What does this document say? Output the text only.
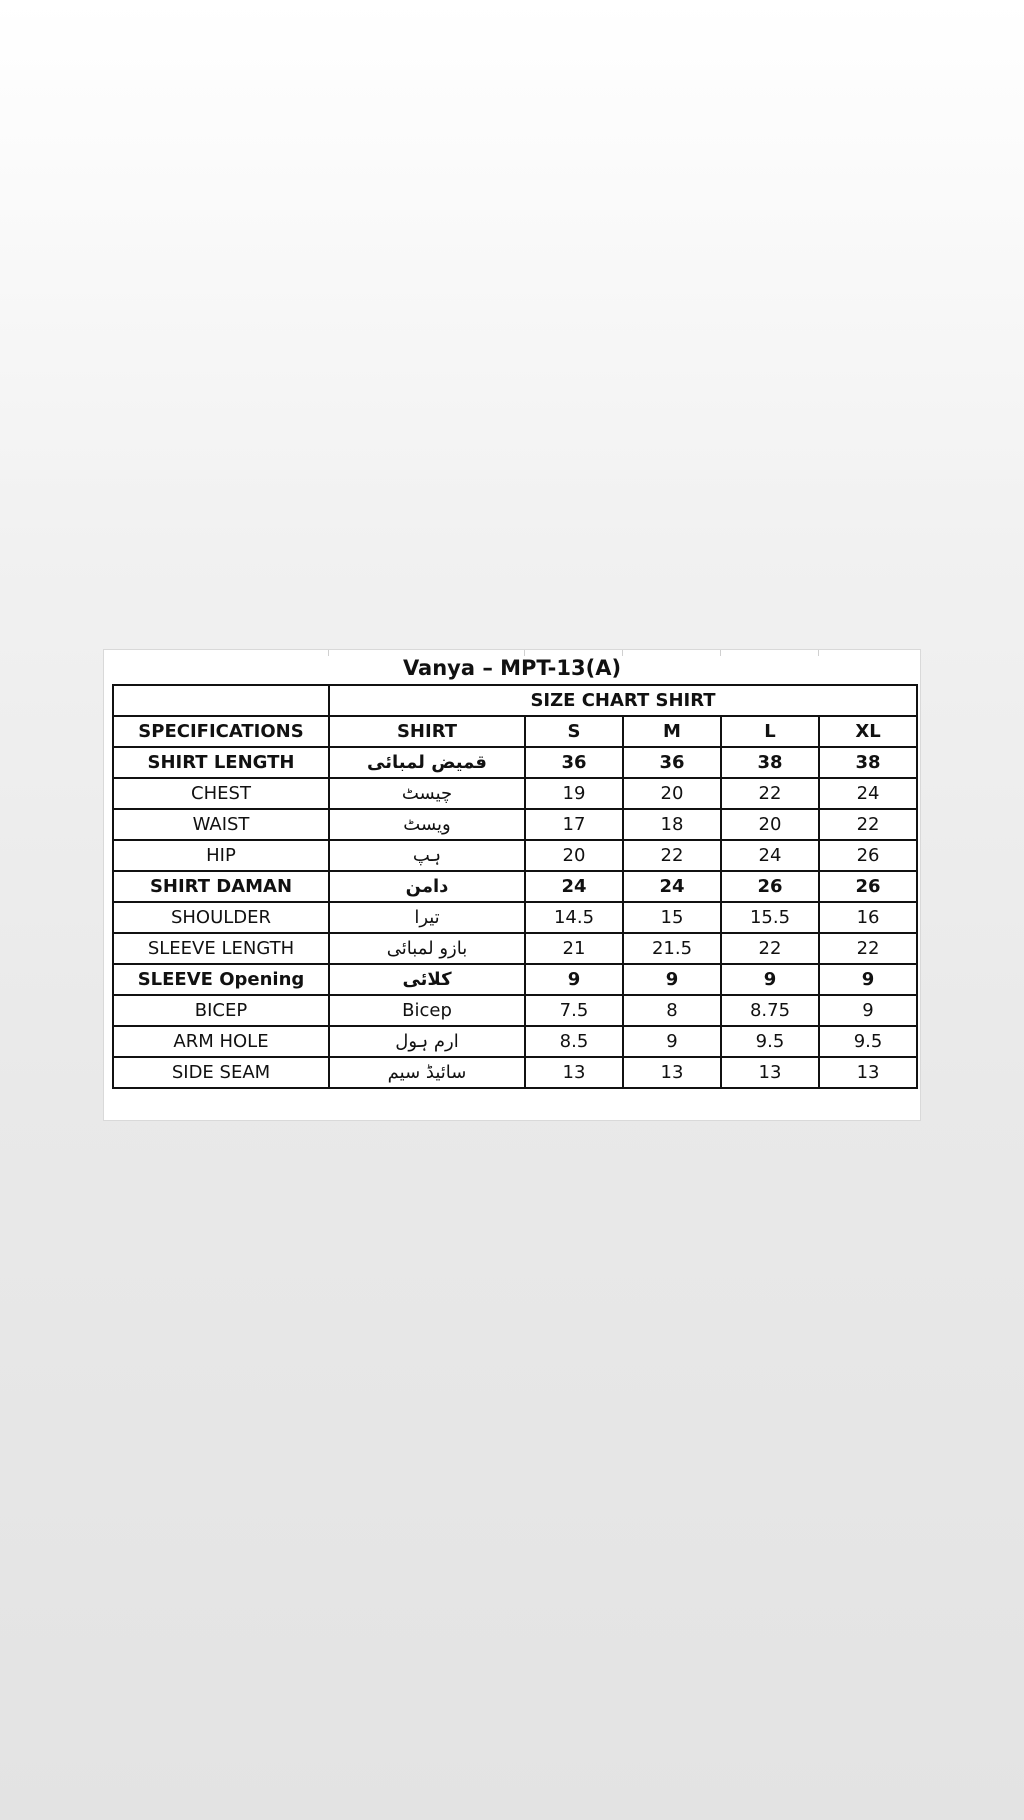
Vanya – MPT-13(A)
	SIZE CHART SHIRT				
SPECIFICATIONS	SHIRT	S	M	L	XL
SHIRT LENGTH	قمیض لمبائی	36	36	38	38
CHEST	چیسٹ	19	20	22	24
WAIST	ویسٹ	17	18	20	22
HIP	ہپ	20	22	24	26
SHIRT DAMAN	دامن	24	24	26	26
SHOULDER	تیرا	14.5	15	15.5	16
SLEEVE LENGTH	بازو لمبائی	21	21.5	22	22
SLEEVE Opening	کلائی	9	9	9	9
BICEP	Bicep	7.5	8	8.75	9
ARM HOLE	ارم ہول	8.5	9	9.5	9.5
SIDE SEAM	سائیڈ سیم	13	13	13	13
